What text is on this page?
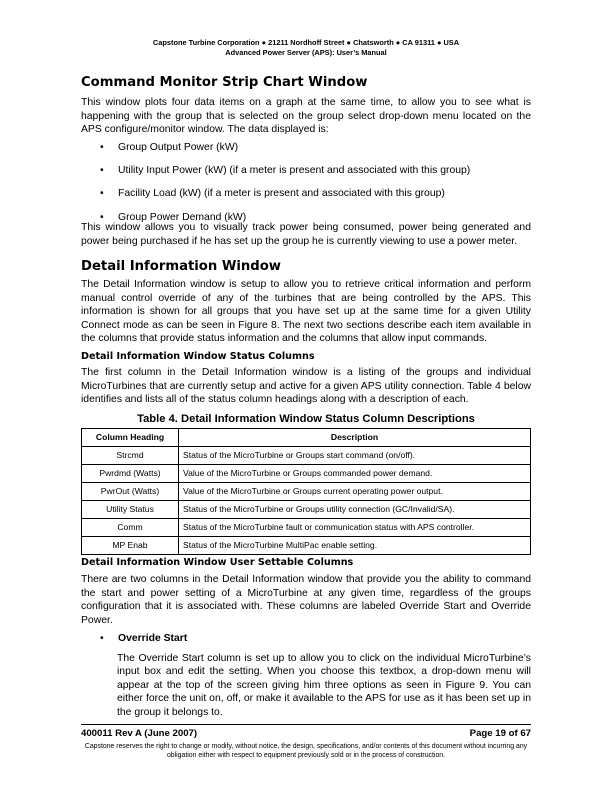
Capstone Turbine Corporation ● 21211 Nordhoff Street ● Chatsworth ● CA 91311 ● USA
Advanced Power Server (APS): User’s Manual
Command Monitor Strip Chart Window

This window plots four data items on a graph at the same time, to allow you to see what is happening with the group that is selected on the group select drop-down menu located on the APS configure/monitor window. The data displayed is:

• Group Output Power (kW)
• Utility Input Power (kW) (if a meter is present and associated with this group)
• Facility Load (kW) (if a meter is present and associated with this group)
• Group Power Demand (kW)

This window allows you to visually track power being consumed, power being generated and power being purchased if he has set up the group he is currently viewing to use a power meter.

Detail Information Window

The Detail Information window is setup to allow you to retrieve critical information and perform manual control override of any of the turbines that are being controlled by the APS. This information is shown for all groups that you have set up at the same time for a given Utility Connect mode as can be seen in Figure 8. The next two sections describe each item available in the columns that provide status information and the columns that allow input commands.

Detail Information Window Status Columns

The first column in the Detail Information window is a listing of the groups and individual MicroTurbines that are currently setup and active for a given APS utility connection. Table 4 below identifies and lists all of the status column headings along with a description of each.

Table 4. Detail Information Window Status Column Descriptions
Column Heading	Description
Strcmd	Status of the MicroTurbine or Groups start command (on/off).
Pwrdmd (Watts)	Value of the MicroTurbine or Groups commanded power demand.
PwrOut (Watts)	Value of the MicroTurbine or Groups current operating power output.
Utility Status	Status of the MicroTurbine or Groups utility connection (GC/Invalid/SA).
Comm	Status of the MicroTurbine fault or communication status with APS controller.
MP Enab	Status of the MicroTurbine MultiPac enable setting.
Detail Information Window User Settable Columns

There are two columns in the Detail Information window that provide you the ability to command the start and power setting of a MicroTurbine at any given time, regardless of the groups configuration that it is associated with. These columns are labeled Override Start and Override Power.

• Override Start
The Override Start column is set up to allow you to click on the individual MicroTurbine’s input box and edit the setting. When you choose this textbox, a drop-down menu will appear at the top of the screen giving him three options as seen in Figure 9. You can either force the unit on, off, or make it available to the APS for use as it has been set up in the group it belongs to.
400011 Rev A (June 2007)	Page 19 of 67
Capstone reserves the right to change or modify, without notice, the design, specifications, and/or contents of this document without incurring any obligation either with respect to equipment previously sold or in the process of construction.
